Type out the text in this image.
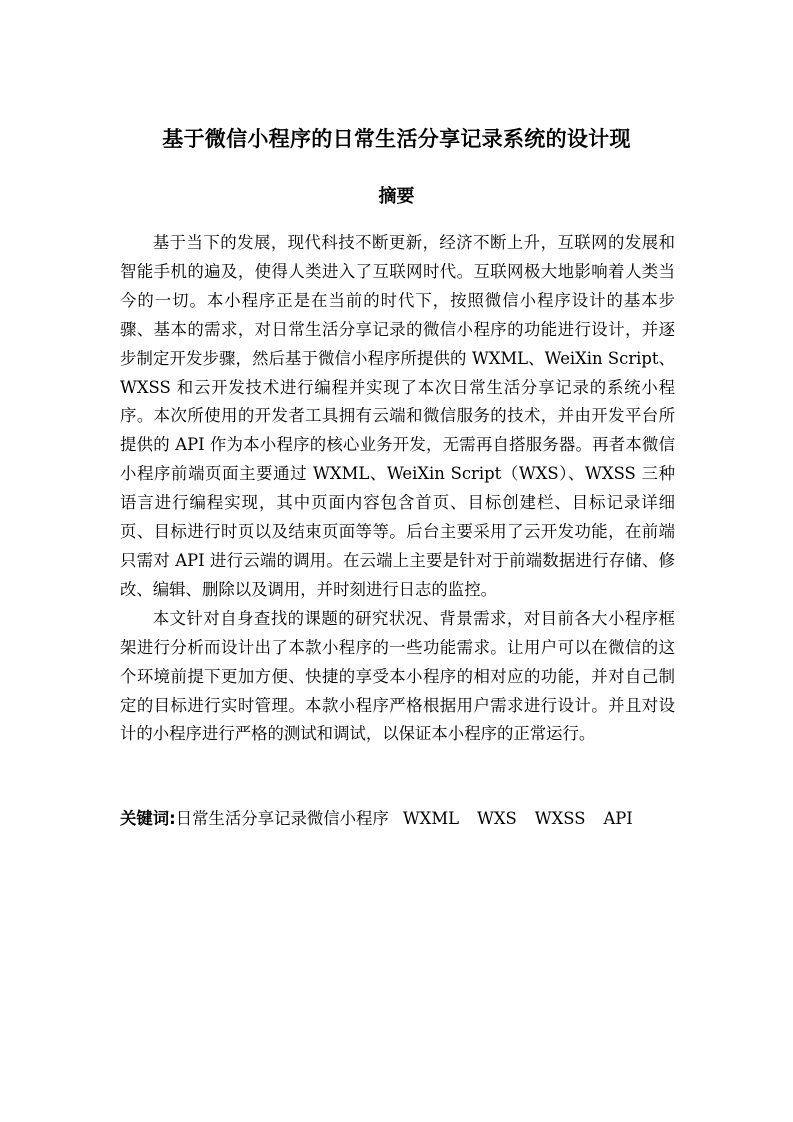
基于微信小程序的日常生活分享记录系统的设计现
摘要

基于当下的发展，现代科技不断更新，经济不断上升，互联网的发展和智能手机的遍及，使得人类进入了互联网时代。互联网极大地影响着人类当今的一切。本小程序正是在当前的时代下，按照微信小程序设计的基本步骤、基本的需求，对日常生活分享记录的微信小程序的功能进行设计，并逐步制定开发步骤，然后基于微信小程序所提供的 WXML、WeiXin Script、WXSS 和云开发技术进行编程并实现了本次日常生活分享记录的系统小程序。本次所使用的开发者工具拥有云端和微信服务的技术，并由开发平台所提供的 API 作为本小程序的核心业务开发，无需再自搭服务器。再者本微信小程序前端页面主要通过 WXML、WeiXin Script（WXS）、WXSS 三种语言进行编程实现，其中页面内容包含首页、目标创建栏、目标记录详细页、目标进行时页以及结束页面等等。后台主要采用了云开发功能，在前端只需对 API 进行云端的调用。在云端上主要是针对于前端数据进行存储、修改、编辑、删除以及调用，并时刻进行日志的监控。

本文针对自身查找的课题的研究状况、背景需求，对目前各大小程序框架进行分析而设计出了本款小程序的一些功能需求。让用户可以在微信的这个环境前提下更加方便、快捷的享受本小程序的相对应的功能，并对自己制定的目标进行实时管理。本款小程序严格根据用户需求进行设计。并且对设计的小程序进行严格的测试和调试，以保证本小程序的正常运行。

关键词:日常生活分享记录微信小程序 WXML WXS WXSS API
